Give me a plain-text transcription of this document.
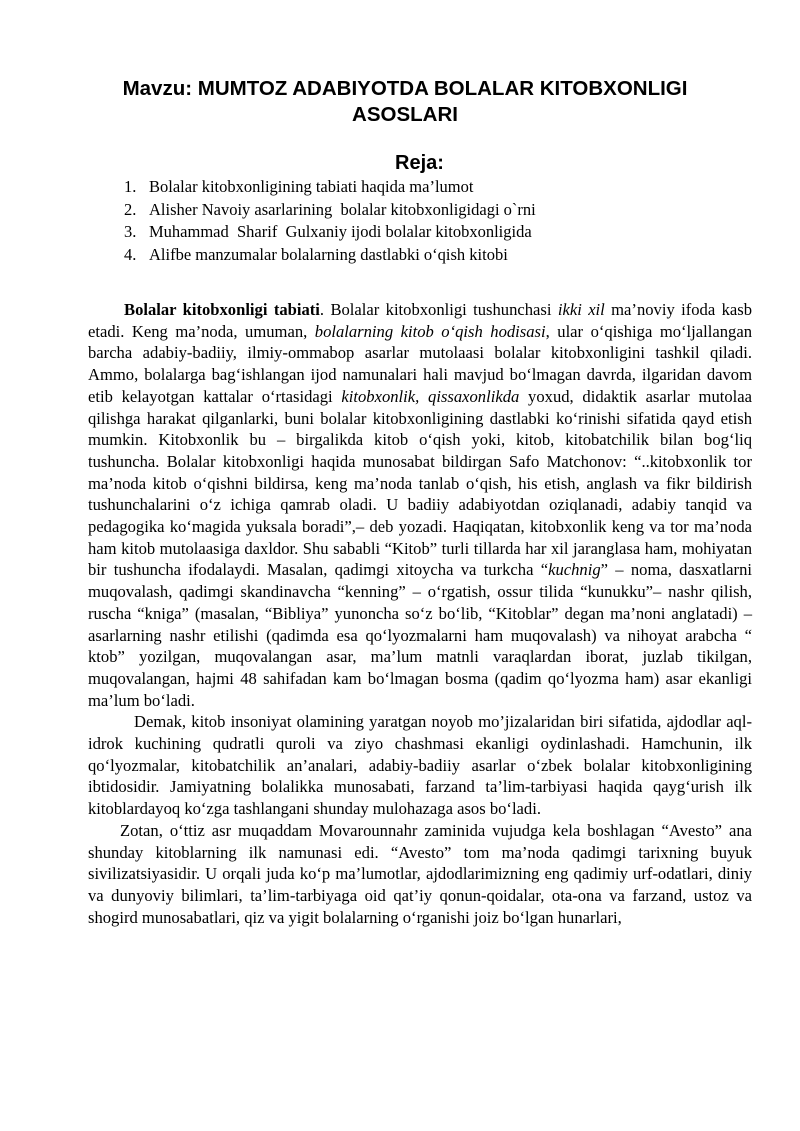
Mavzu: MUMTOZ ADABIYOTDA BOLALAR KITOBXONLIGI
ASOSLARI
Reja:
1. Bolalar kitobxonligining tabiati haqida ma’lumot
2. Alisher Navoiy asarlarining  bolalar kitobxonligidagi o`rni
3. Muhammad  Sharif  Gulxaniy ijodi bolalar kitobxonligida
4. Alifbe manzumalar bolalarning dastlabki o‘qish kitobi

Bolalar kitobxonligi tabiati. Bolalar kitobxonligi tushunchasi ikki xil ma’noviy ifoda kasb etadi. Keng ma’noda, umuman, bolalarning kitob o‘qish hodisasi, ular o‘qishiga mo‘ljallangan barcha adabiy-badiiy, ilmiy-ommabop asarlar mutolaasi bolalar kitobxonligini tashkil qiladi. Ammo, bolalarga bag‘ishlangan ijod namunalari hali mavjud bo‘lmagan davrda, ilgaridan davom etib kelayotgan kattalar o‘rtasidagi kitobxonlik, qissaxonlikda yoxud, didaktik asarlar mutolaa qilishga harakat qilganlarki, buni bolalar kitobxonligining dastlabki ko‘rinishi sifatida qayd etish mumkin. Kitobxonlik bu – birgalikda kitob o‘qish yoki, kitob, kitobatchilik bilan bog‘liq tushuncha. Bolalar kitobxonligi haqida munosabat bildirgan Safo Matchonov: “..kitobxonlik tor ma’noda kitob o‘qishni bildirsa, keng ma’noda tanlab o‘qish, his etish, anglash va fikr bildirish tushunchalarini o‘z ichiga qamrab oladi. U badiiy adabiyotdan oziqlanadi, adabiy tanqid va pedagogika ko‘magida yuksala boradi”,– deb yozadi. Haqiqatan, kitobxonlik keng va tor ma’noda ham kitob mutolaasiga daxldor. Shu sababli “Kitob” turli tillarda har xil jaranglasa ham, mohiyatan bir tushuncha ifodalaydi. Masalan, qadimgi xitoycha va turkcha “kuchnig” – noma, dasxatlarni muqovalash, qadimgi skandinavcha “kenning” – o‘rgatish, ossur tilida “kunukku”– nashr qilish, ruscha “kniga” (masalan, “Bibliya” yunoncha so‘z bo‘lib, “Kitoblar” degan ma’noni anglatadi) – asarlarning nashr etilishi (qadimda esa qo‘lyozmalarni ham muqovalash) va nihoyat arabcha “ ktob” yozilgan, muqovalangan asar, ma’lum matnli varaqlardan iborat, juzlab tikilgan, muqovalangan, hajmi 48 sahifadan kam bo‘lmagan bosma (qadim qo‘lyozma ham) asar ekanligi ma’lum bo‘ladi.

Demak, kitob insoniyat olamining yaratgan noyob mo’jizalaridan biri sifatida, ajdodlar aql-idrok kuchining qudratli quroli va ziyo chashmasi ekanligi oydinlashadi. Hamchunin, ilk qo‘lyozmalar, kitobatchilik an’analari, adabiy-badiiy asarlar o‘zbek bolalar kitobxonligining ibtidosidir. Jamiyatning bolalikka munosabati, farzand ta’lim-tarbiyasi haqida qayg‘urish ilk kitoblardayoq ko‘zga tashlangani shunday mulohazaga asos bo‘ladi.

Zotan, o‘ttiz asr muqaddam Movarounnahr zaminida vujudga kela boshlagan “Avesto” ana shunday kitoblarning ilk namunasi edi. “Avesto” tom ma’noda qadimgi tarixning buyuk sivilizatsiyasidir. U orqali juda ko‘p ma’lumotlar, ajdodlarimizning eng qadimiy urf-odatlari, diniy va dunyoviy bilimlari, ta’lim-tarbiyaga oid qat’iy qonun-qoidalar, ota-ona va farzand, ustoz va shogird munosabatlari, qiz va yigit bolalarning o‘rganishi joiz bo‘lgan hunarlari,
